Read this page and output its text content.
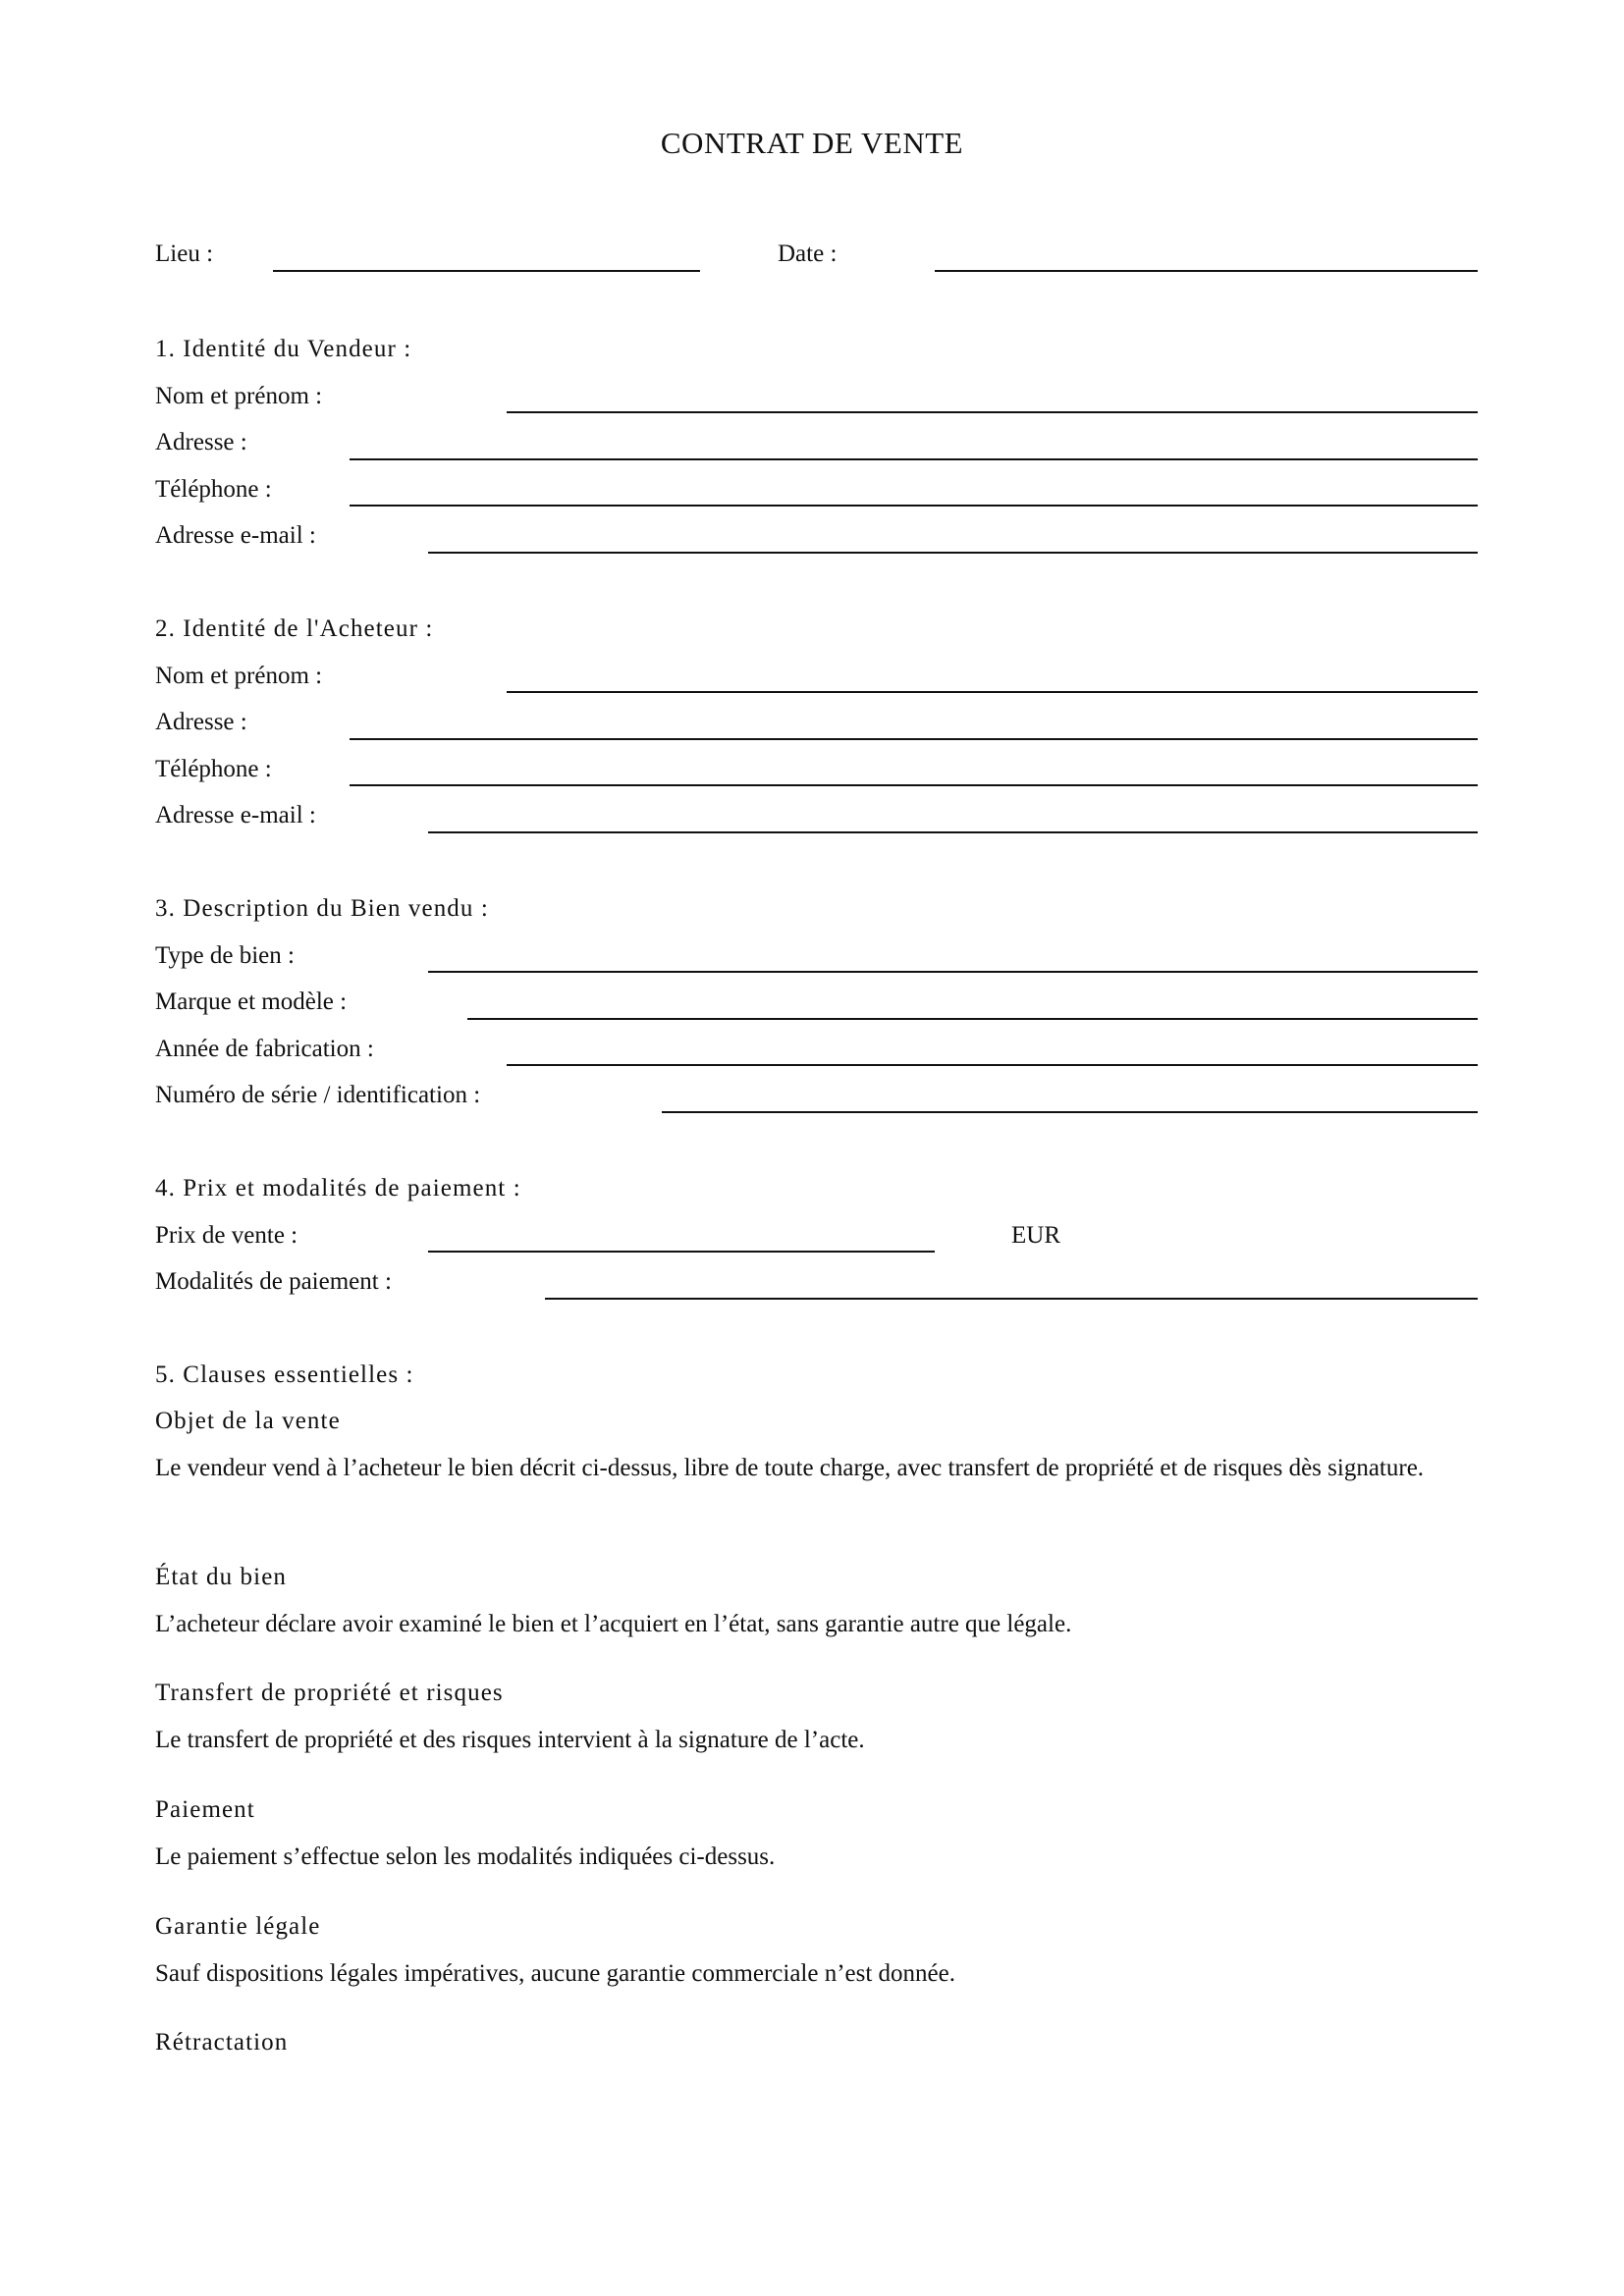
CONTRAT DE VENTE
Lieu :	Date :
1. Identité du Vendeur :
Nom et prénom :
Adresse :
Téléphone :
Adresse e-mail :
2. Identité de l'Acheteur :
Nom et prénom :
Adresse :
Téléphone :
Adresse e-mail :
3. Description du Bien vendu :
Type de bien :
Marque et modèle :
Année de fabrication :
Numéro de série / identification :
4. Prix et modalités de paiement :
Prix de vente :	EUR
Modalités de paiement :
5. Clauses essentielles :
Objet de la vente
Le vendeur vend à l’acheteur le bien décrit ci-dessus, libre de toute charge, avec transfert de propriété et de risques dès signature.
État du bien
L’acheteur déclare avoir examiné le bien et l’acquiert en l’état, sans garantie autre que légale.
Transfert de propriété et risques
Le transfert de propriété et des risques intervient à la signature de l’acte.
Paiement
Le paiement s’effectue selon les modalités indiquées ci-dessus.
Garantie légale
Sauf dispositions légales impératives, aucune garantie commerciale n’est donnée.
Rétractation
